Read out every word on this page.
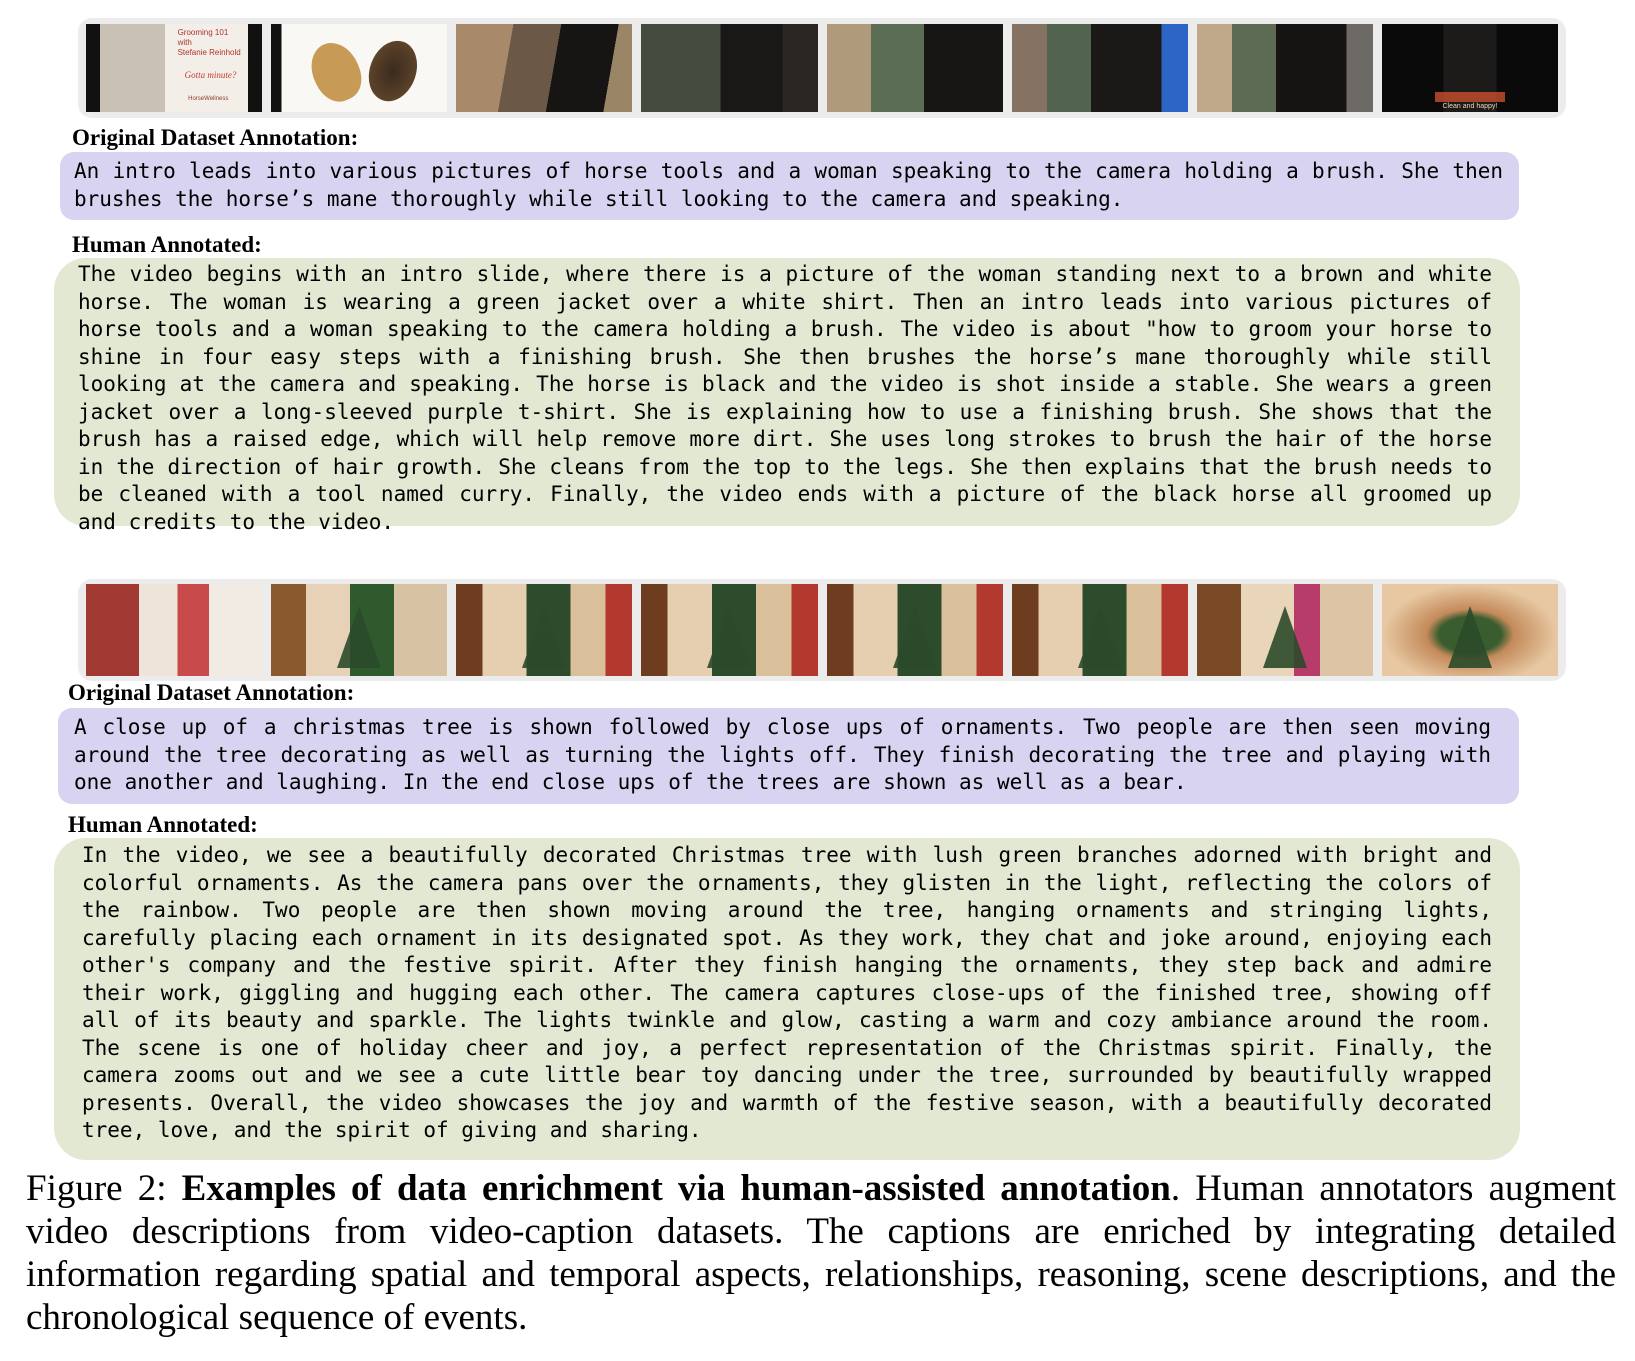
Grooming 101
with
Stefanie Reinhold
Gotta minute?
HorseWellness
Clean and happy!
Original Dataset Annotation:

An intro leads into various pictures of horse tools and a woman speaking to the camera holding a brush. She then brushes the horse’s mane thoroughly while still looking to the camera and speaking.

Human Annotated:

The video begins with an intro slide, where there is a picture of the woman standing next to a brown and white horse. The woman is wearing a green jacket over a white shirt. Then an intro leads into various pictures of horse tools and a woman speaking to the camera holding a brush. The video is about "how to groom your horse to shine in four easy steps with a finishing brush. She then brushes the horse’s mane thoroughly while still looking at the camera and speaking. The horse is black and the video is shot inside a stable. She wears a green jacket over a long-sleeved purple t-shirt. She is explaining how to use a finishing brush. She shows that the brush has a raised edge, which will help remove more dirt. She uses long strokes to brush the hair of the horse in the direction of hair growth. She cleans from the top to the legs. She then explains that the brush needs to be cleaned with a tool named curry. Finally, the video ends with a picture of the black horse all groomed up and credits to the video.

Original Dataset Annotation:

A close up of a christmas tree is shown followed by close ups of ornaments. Two people are then seen moving around the tree decorating as well as turning the lights off. They finish decorating the tree and playing with one another and laughing. In the end close ups of the trees are shown as well as a bear.

Human Annotated:

In the video, we see a beautifully decorated Christmas tree with lush green branches adorned with bright and colorful ornaments. As the camera pans over the ornaments, they glisten in the light, reflecting the colors of the rainbow. Two people are then shown moving around the tree, hanging ornaments and stringing lights, carefully placing each ornament in its designated spot. As they work, they chat and joke around, enjoying each other's company and the festive spirit. After they finish hanging the ornaments, they step back and admire their work, giggling and hugging each other. The camera captures close-ups of the finished tree, showing off all of its beauty and sparkle. The lights twinkle and glow, casting a warm and cozy ambiance around the room. The scene is one of holiday cheer and joy, a perfect representation of the Christmas spirit. Finally, the camera zooms out and we see a cute little bear toy dancing under the tree, surrounded by beautifully wrapped presents. Overall, the video showcases the joy and warmth of the festive season, with a beautifully decorated tree, love, and the spirit of giving and sharing.

Figure 2: Examples of data enrichment via human-assisted annotation. Human annotators augment video descriptions from video-caption datasets. The captions are enriched by integrating detailed information regarding spatial and temporal aspects, relationships, reasoning, scene descriptions, and the chronological sequence of events.
